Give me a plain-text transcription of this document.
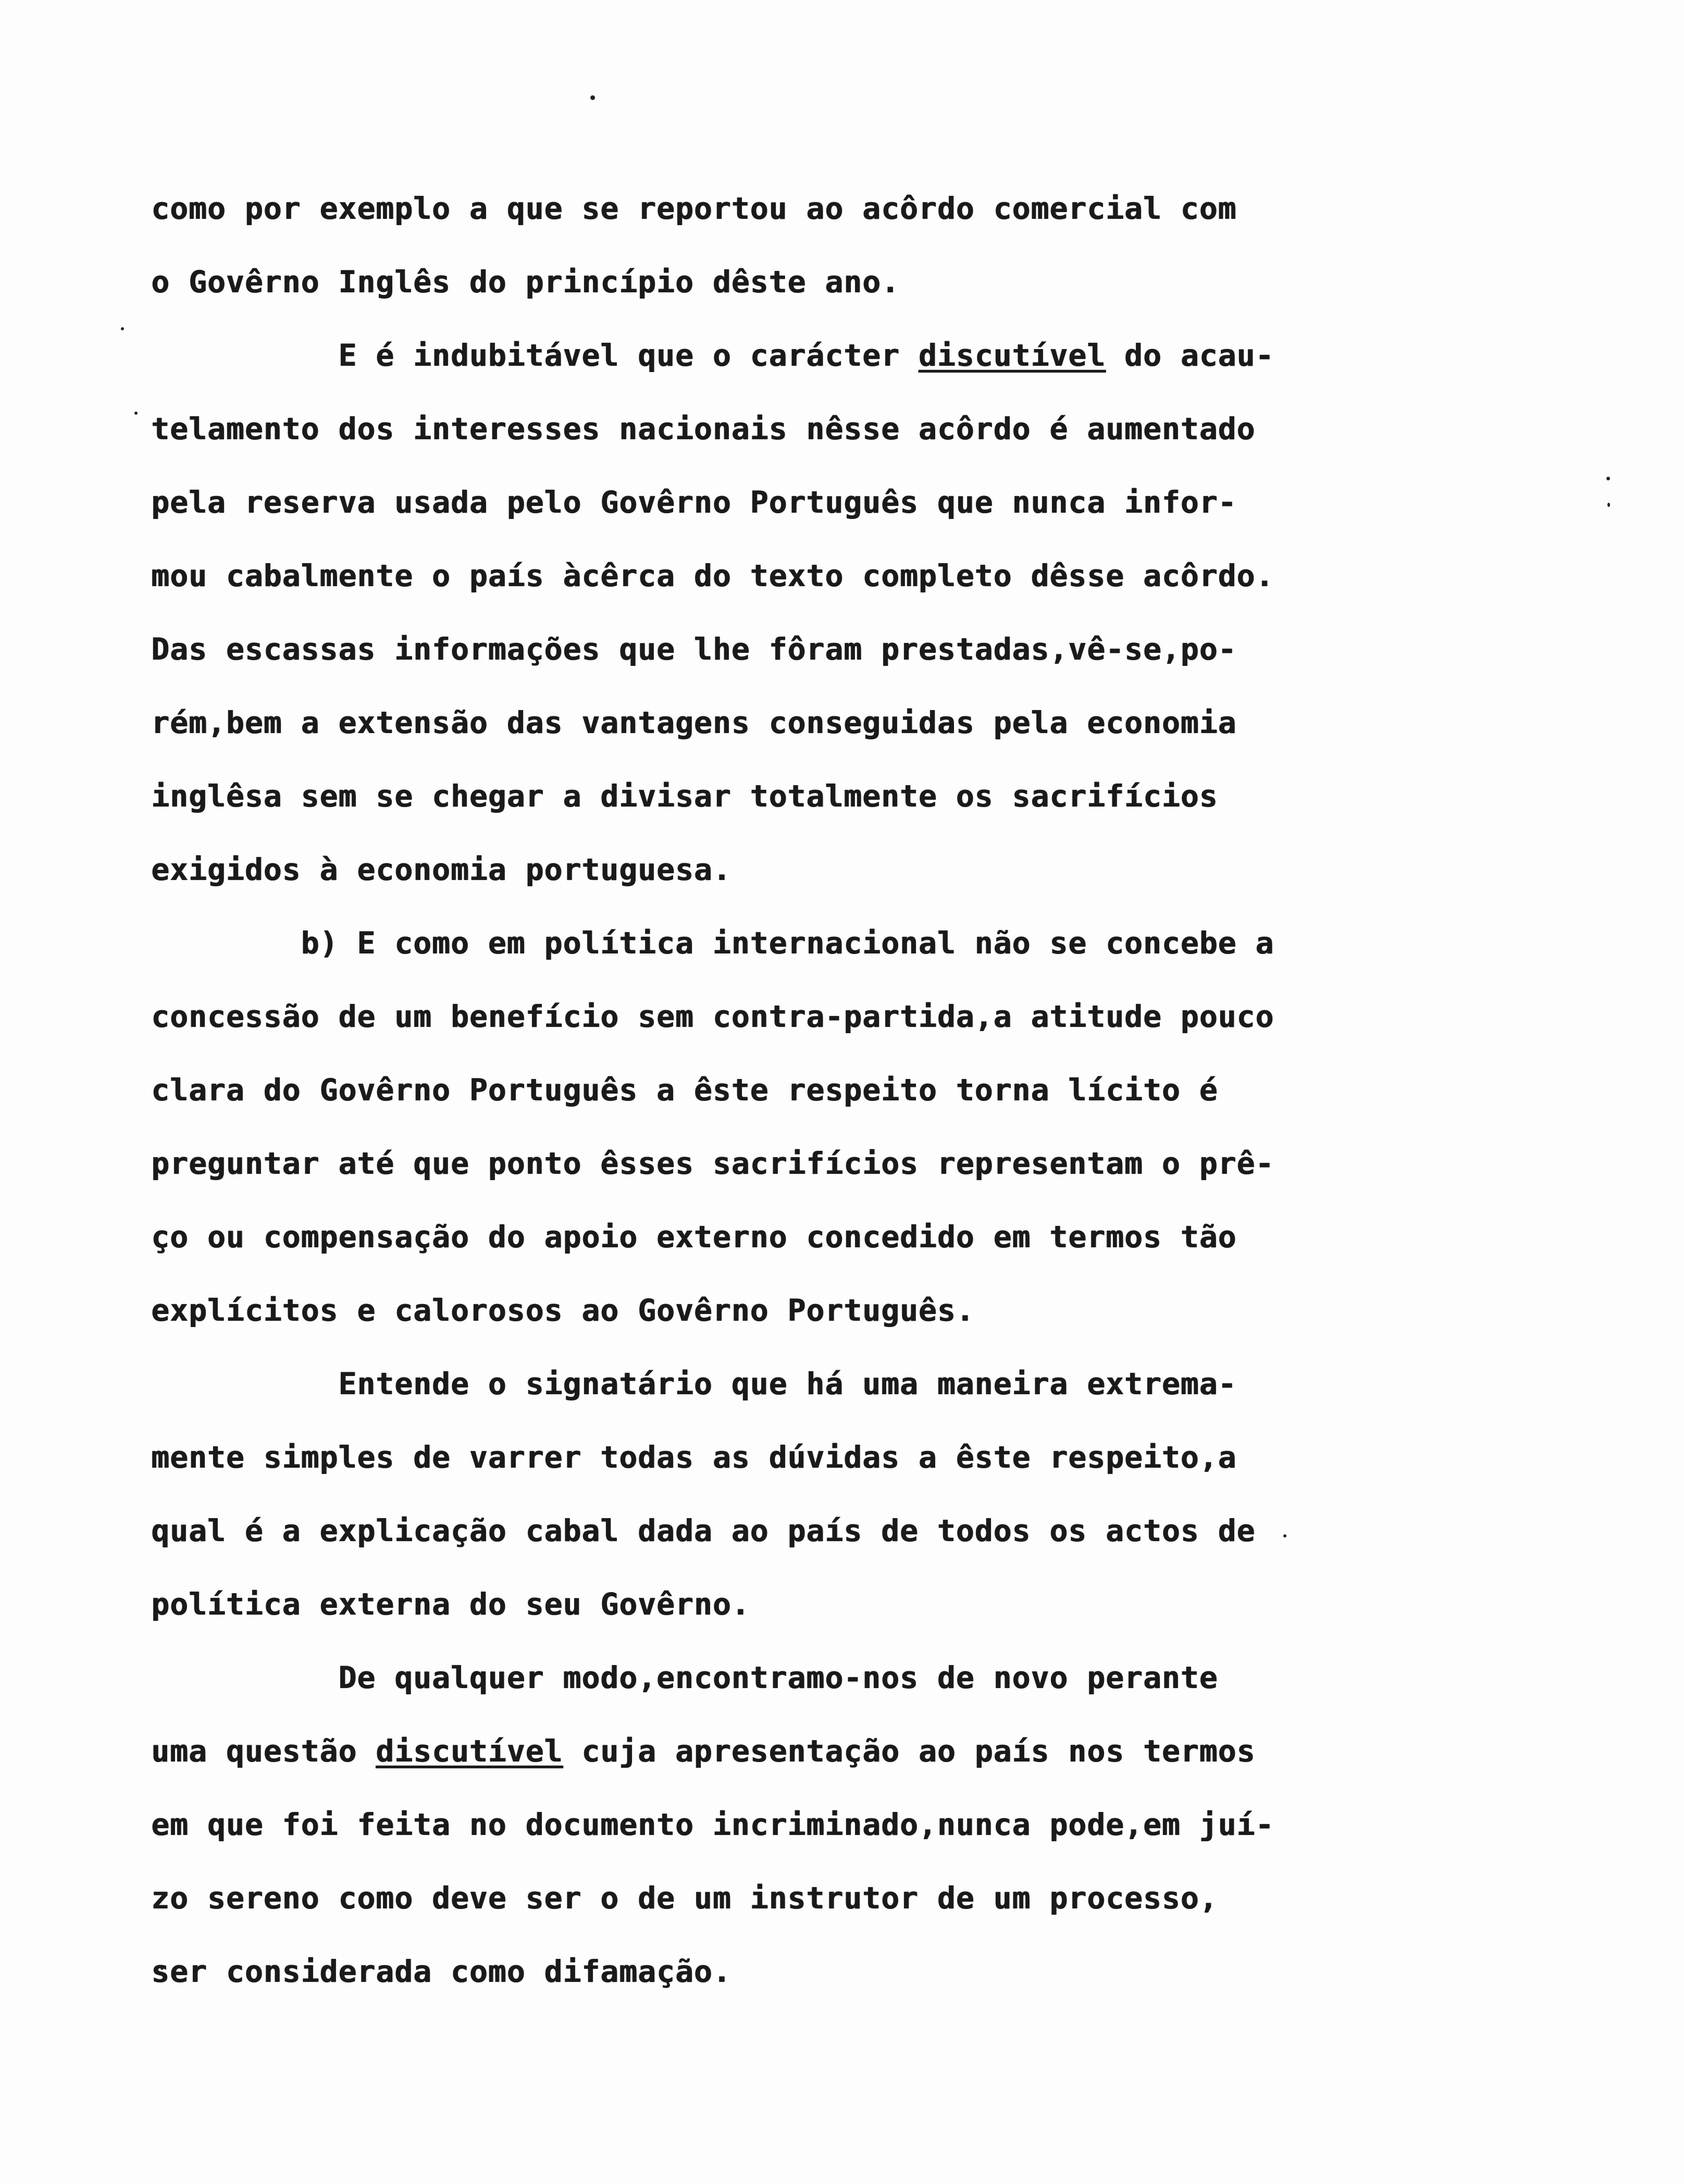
como por exemplo a que se reportou ao acôrdo comercial com
o Govêrno Inglês do princípio dêste ano.
E é indubitável que o carácter discutível do acau-
telamento dos interesses nacionais nêsse acôrdo é aumentado
pela reserva usada pelo Govêrno Português que nunca infor-
mou cabalmente o país àcêrca do texto completo dêsse acôrdo.
Das escassas informações que lhe fôram prestadas,vê-se,po-
rém,bem a extensão das vantagens conseguidas pela economia
inglêsa sem se chegar a divisar totalmente os sacrifícios
exigidos à economia portuguesa.
b) E como em política internacional não se concebe a
concessão de um benefício sem contra-partida,a atitude pouco
clara do Govêrno Português a êste respeito torna lícito é
preguntar até que ponto êsses sacrifícios representam o prê-
ço ou compensação do apoio externo concedido em termos tão
explícitos e calorosos ao Govêrno Português.
Entende o signatário que há uma maneira extrema-
mente simples de varrer todas as dúvidas a êste respeito,a
qual é a explicação cabal dada ao país de todos os actos de
política externa do seu Govêrno.
De qualquer modo,encontramo-nos de novo perante
uma questão discutível cuja apresentação ao país nos termos
em que foi feita no documento incriminado,nunca pode,em juí-
zo sereno como deve ser o de um instrutor de um processo,
ser considerada como difamação.
